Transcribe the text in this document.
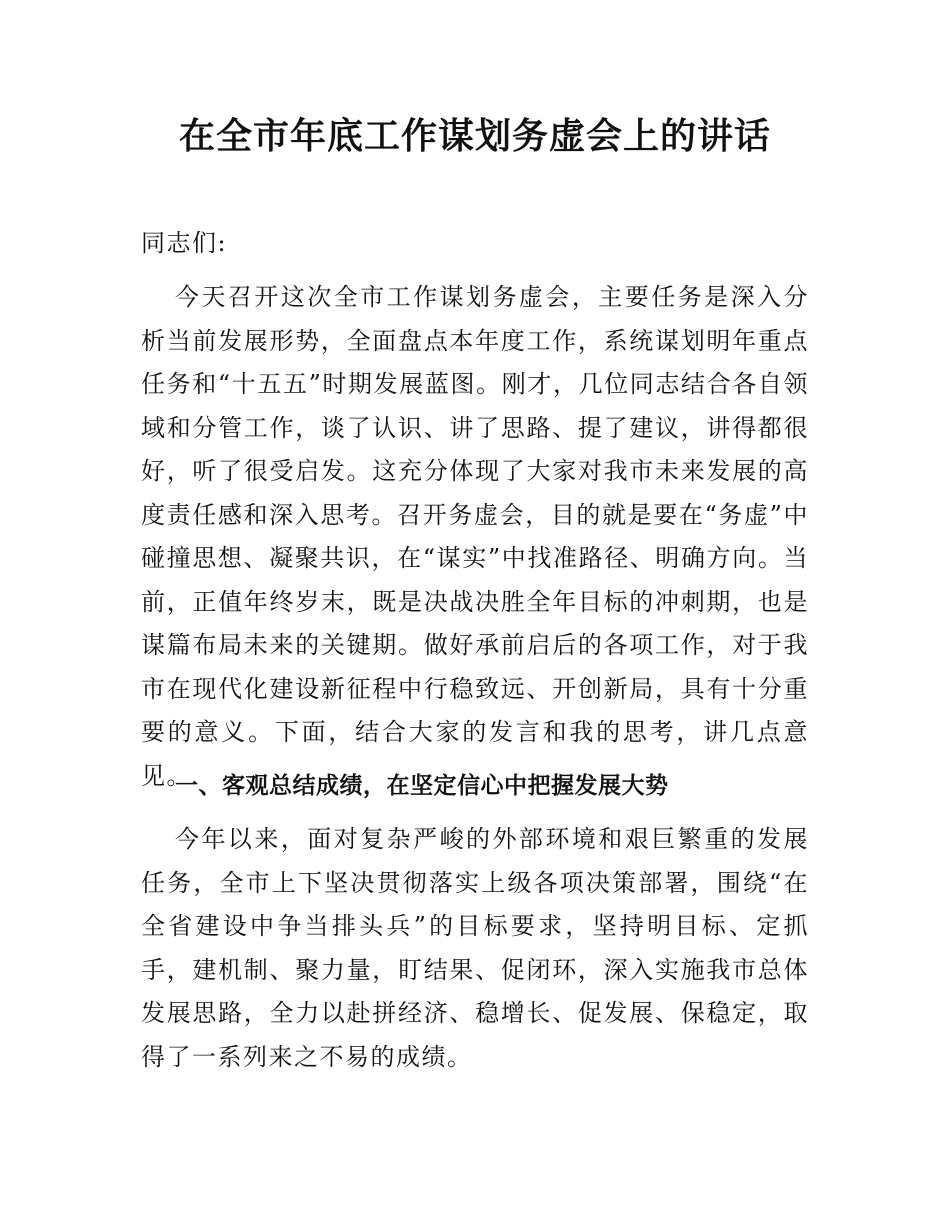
在全市年底工作谋划务虚会上的讲话

同志们:

今天召开这次全市工作谋划务虚会，主要任务是深入分析当前发展形势，全面盘点本年度工作，系统谋划明年重点任务和“十五五”时期发展蓝图。刚才，几位同志结合各自领域和分管工作，谈了认识、讲了思路、提了建议，讲得都很好，听了很受启发。这充分体现了大家对我市未来发展的高度责任感和深入思考。召开务虚会，目的就是要在“务虚”中碰撞思想、凝聚共识，在“谋实”中找准路径、明确方向。当前，正值年终岁末，既是决战决胜全年目标的冲刺期，也是谋篇布局未来的关键期。做好承前启后的各项工作，对于我市在现代化建设新征程中行稳致远、开创新局，具有十分重要的意义。下面，结合大家的发言和我的思考，讲几点意见。

一、客观总结成绩，在坚定信心中把握发展大势

今年以来，面对复杂严峻的外部环境和艰巨繁重的发展任务，全市上下坚决贯彻落实上级各项决策部署，围绕“在全省建设中争当排头兵”的目标要求，坚持明目标、定抓手，建机制、聚力量，盯结果、促闭环，深入实施我市总体发展思路，全力以赴拼经济、稳增长、促发展、保稳定，取得了一系列来之不易的成绩。
